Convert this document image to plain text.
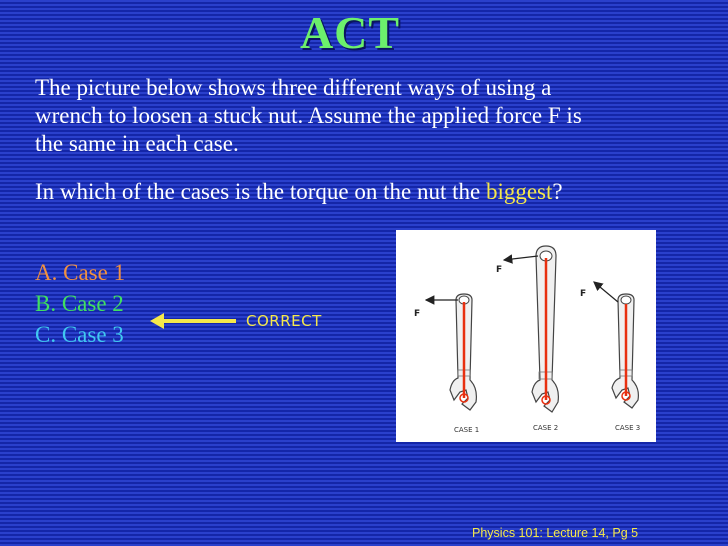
ACT
The picture below shows three different ways of using a wrench to loosen a stuck nut. Assume the applied force F is the same in each case.
In which of the cases is the torque on the nut the biggest?
A. Case 1
B. Case 2
C. Case 3
CORRECT	F
F
F
CASE 1	CASE 2	CASE 3
Physics 101: Lecture 14, Pg 5
